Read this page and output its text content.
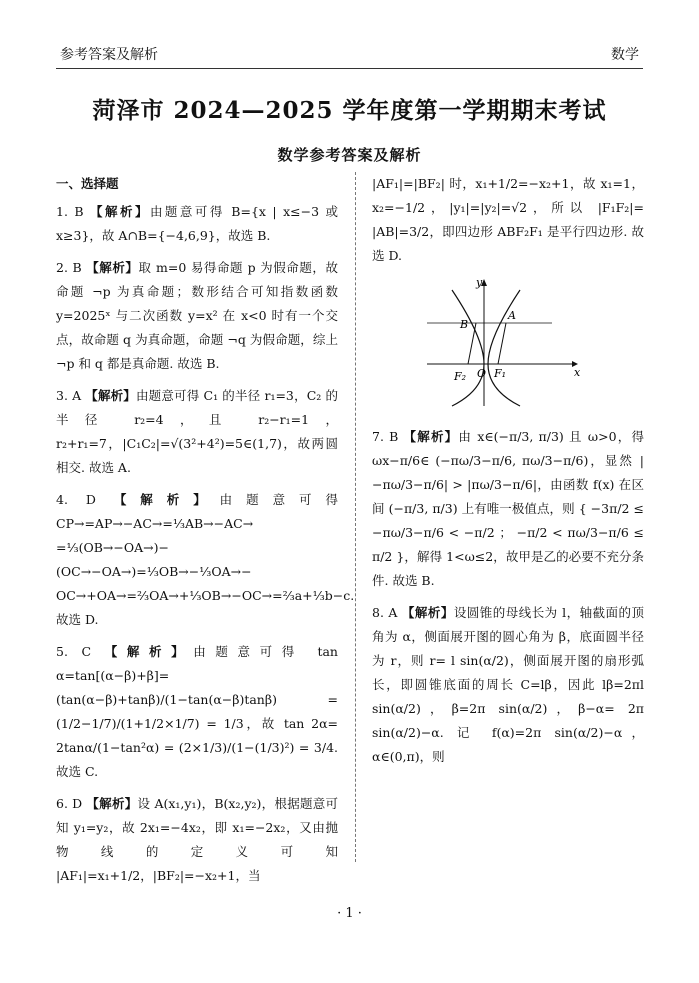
参考答案及解析	数学
菏泽市 2024—2025 学年度第一学期期末考试
数学参考答案及解析
一、选择题
1. B 【解析】由题意可得 B={x | x≤−3 或 x≥3}，故 A∩B={−4,6,9}，故选 B.
2. B 【解析】取 m=0 易得命题 p 为假命题，故命题 ¬p 为真命题；数形结合可知指数函数 y=2025ˣ 与二次函数 y=x² 在 x<0 时有一个交点，故命题 q 为真命题，命题 ¬q 为假命题，综上 ¬p 和 q 都是真命题. 故选 B.
3. A 【解析】由题意可得 C₁ 的半径 r₁=3，C₂ 的半径 r₂=4，且 r₂−r₁=1，r₂+r₁=7，|C₁C₂|=√(3²+4²)=5∈(1,7)，故两圆相交. 故选 A.
4. D 【解析】由题意可得 CP→=AP→−AC→=⅓AB→−AC→ =⅓(OB→−OA→)−(OC→−OA→)=⅓OB→−⅓OA→− OC→+OA→=⅔OA→+⅓OB→−OC→=⅔a+⅓b−c. 故选 D.
5. C 【解析】由题意可得 tan α=tan[(α−β)+β]= (tan(α−β)+tanβ)/(1−tan(α−β)tanβ) = (1/2−1/7)/(1+1/2×1/7) = 1/3，故 tan 2α= 2tanα/(1−tan²α) = (2×1/3)/(1−(1/3)²) = 3/4. 故选 C.
6. D 【解析】设 A(x₁,y₁)，B(x₂,y₂)，根据题意可知 y₁=y₂，故 2x₁=−4x₂，即 x₁=−2x₂，又由抛物线的定义可知 |AF₁|=x₁+1/2，|BF₂|=−x₂+1，当
|AF₁|=|BF₂| 时，x₁+1/2=−x₂+1，故 x₁=1，x₂=−1/2，|y₁|=|y₂|=√2，所以 |F₁F₂|= |AB|=3/2，即四边形 ABF₂F₁ 是平行四边形. 故选 D.
y
x
A
B
O F₁
F₂
7. B 【解析】由 x∈(−π/3, π/3) 且 ω>0，得 ωx−π/6∈ (−πω/3−π/6, πω/3−π/6)，显然 |−πω/3−π/6| > |πω/3−π/6|，由函数 f(x) 在区间 (−π/3, π/3) 上有唯一极值点，则 { −3π/2 ≤ −πω/3−π/6 < −π/2 ； −π/2 < πω/3−π/6 ≤ π/2 }，解得 1<ω≤2，故甲是乙的必要不充分条件. 故选 B.
8. A 【解析】设圆锥的母线长为 l，轴截面的顶角为 α，侧面展开图的圆心角为 β，底面圆半径为 r，则 r= l sin(α/2)，侧面展开图的扇形弧长，即圆锥底面的周长 C=lβ，因此 lβ=2πl sin(α/2)，β=2π sin(α/2)，β−α= 2π sin(α/2)−α. 记 f(α)=2π sin(α/2)−α，α∈(0,π)，则
· 1 ·
